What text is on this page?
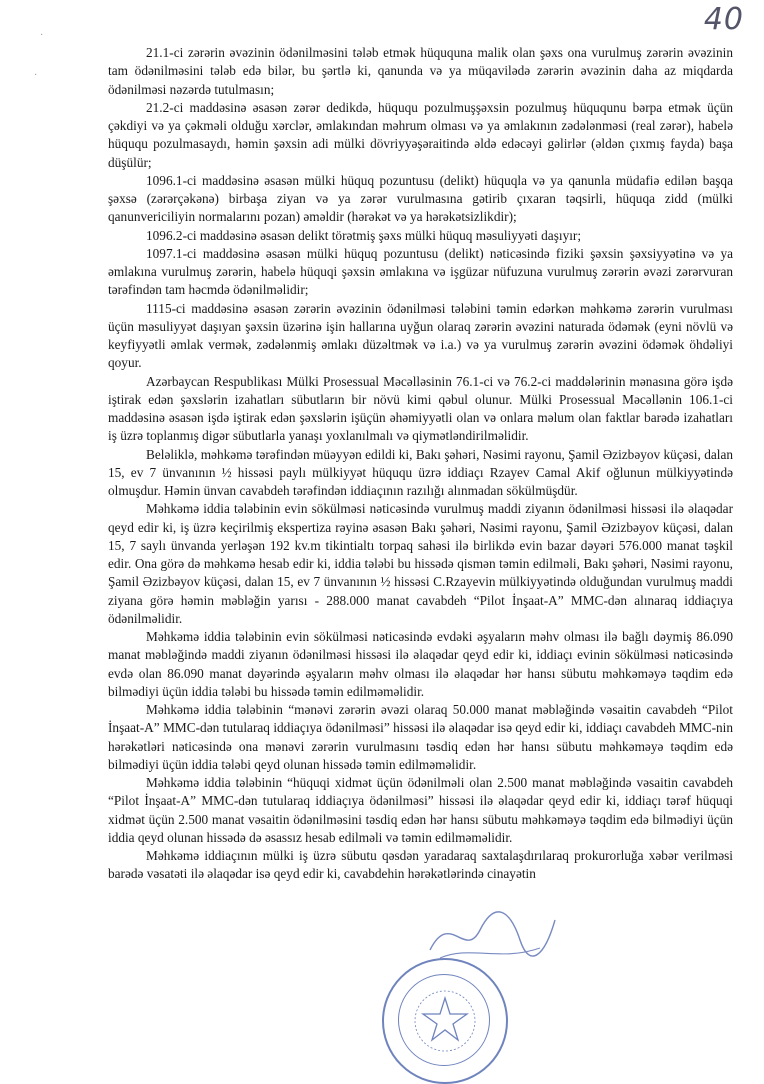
40
·
·

21.1-ci zərərin əvəzinin ödənilməsini tələb etmək hüququna malik olan şəxs ona vurulmuş zərərin əvəzinin tam ödənilməsini tələb edə bilər, bu şərtlə ki, qanunda və ya müqavilədə zərərin əvəzinin daha az miqdarda ödənilməsi nəzərdə tutulmasın;

21.2-ci maddəsinə əsasən zərər dedikdə, hüququ pozulmuşşəxsin pozulmuş hüququnu bərpa etmək üçün çəkdiyi və ya çəkməli olduğu xərclər, əmlakından məhrum olması və ya əmlakının zədələnməsi (real zərər), habelə hüququ pozulmasaydı, həmin şəxsin adi mülki dövriyyəşəraitində əldə edəcəyi gəlirlər (əldən çıxmış fayda) başa düşülür;

1096.1-ci maddəsinə əsasən mülki hüquq pozuntusu (delikt) hüquqla və ya qanunla müdafiə edilən başqa şəxsə (zərərçəkənə) birbaşa ziyan və ya zərər vurulmasına gətirib çıxaran təqsirli, hüquqa zidd (mülki qanunvericiliyin normalarını pozan) əməldir (hərəkət və ya hərəkətsizlikdir);

1096.2-ci maddəsinə əsasən delikt törətmiş şəxs mülki hüquq məsuliyyəti daşıyır;

1097.1-ci maddəsinə əsasən mülki hüquq pozuntusu (delikt) nəticəsində fiziki şəxsin şəxsiyyətinə və ya əmlakına vurulmuş zərərin, habelə hüquqi şəxsin əmlakına və işgüzar nüfuzuna vurulmuş zərərin əvəzi zərərvuran tərəfindən tam həcmdə ödənilməlidir;

1115-ci maddəsinə əsasən zərərin əvəzinin ödənilməsi tələbini təmin edərkən məhkəmə zərərin vurulması üçün məsuliyyət daşıyan şəxsin üzərinə işin hallarına uyğun olaraq zərərin əvəzini naturada ödəmək (eyni növlü və keyfiyyətli əmlak vermək, zədələnmiş əmlakı düzəltmək və i.a.) və ya vurulmuş zərərin əvəzini ödəmək öhdəliyi qoyur.

Azərbaycan Respublikası Mülki Prosessual Məcəlləsinin 76.1-ci və 76.2-ci maddələrinin mənasına görə işdə iştirak edən şəxslərin izahatları sübutların bir növü kimi qəbul olunur. Mülki Prosessual Məcəllənin 106.1-ci maddəsinə əsasən işdə iştirak edən şəxslərin işüçün əhəmiyyətli olan və onlara məlum olan faktlar barədə izahatları iş üzrə toplanmış digər sübutlarla yanaşı yoxlanılmalı və qiymətləndirilməlidir.

Beləliklə, məhkəmə tərəfindən müəyyən edildi ki, Bakı şəhəri, Nəsimi rayonu, Şamil Əzizbəyov küçəsi, dalan 15, ev 7 ünvanının ½ hissəsi paylı mülkiyyət hüququ üzrə iddiaçı Rzayev Camal Akif oğlunun mülkiyyətində olmuşdur. Həmin ünvan cavabdeh tərəfindən iddiaçının razılığı alınmadan sökülmüşdür.

Məhkəmə iddia tələbinin evin sökülməsi nəticəsində vurulmuş maddi ziyanın ödənilməsi hissəsi ilə əlaqədar qeyd edir ki, iş üzrə keçirilmiş ekspertiza rəyinə əsasən Bakı şəhəri, Nəsimi rayonu, Şamil Əzizbəyov küçəsi, dalan 15, 7 saylı ünvanda yerləşən 192 kv.m tikintialtı torpaq sahəsi ilə birlikdə evin bazar dəyəri 576.000 manat təşkil edir. Ona görə də məhkəmə hesab edir ki, iddia tələbi bu hissədə qismən təmin edilməli, Bakı şəhəri, Nəsimi rayonu, Şamil Əzizbəyov küçəsi, dalan 15, ev 7 ünvanının ½ hissəsi C.Rzayevin mülkiyyətində olduğundan vurulmuş maddi ziyana görə həmin məbləğin yarısı - 288.000 manat cavabdeh “Pilot İnşaat-A” MMC-dən alınaraq iddiaçıya ödənilməlidir.

Məhkəmə iddia tələbinin evin sökülməsi nəticəsində evdəki əşyaların məhv olması ilə bağlı dəymiş 86.090 manat məbləğində maddi ziyanın ödənilməsi hissəsi ilə əlaqədar qeyd edir ki, iddiaçı evinin sökülməsi nəticəsində evdə olan 86.090 manat dəyərində əşyaların məhv olması ilə əlaqədar hər hansı sübutu məhkəməyə təqdim edə bilmədiyi üçün iddia tələbi bu hissədə təmin edilməməlidir.

Məhkəmə iddia tələbinin “mənəvi zərərin əvəzi olaraq 50.000 manat məbləğində vəsaitin cavabdeh “Pilot İnşaat-A” MMC-dən tutularaq iddiaçıya ödənilməsi” hissəsi ilə əlaqədar isə qeyd edir ki, iddiaçı cavabdeh MMC-nin hərəkətləri nəticəsində ona mənəvi zərərin vurulmasını təsdiq edən hər hansı sübutu məhkəməyə təqdim edə bilmədiyi üçün iddia tələbi qeyd olunan hissədə təmin edilməməlidir.

Məhkəmə iddia tələbinin “hüquqi xidmət üçün ödənilməli olan 2.500 manat məbləğində vəsaitin cavabdeh “Pilot İnşaat-A” MMC-dən tutularaq iddiaçıya ödənilməsi” hissəsi ilə əlaqədar qeyd edir ki, iddiaçı tərəf hüquqi xidmət üçün 2.500 manat vəsaitin ödənilməsini təsdiq edən hər hansı sübutu məhkəməyə təqdim edə bilmədiyi üçün iddia qeyd olunan hissədə də əsassız hesab edilməli və təmin edilməməlidir.

Məhkəmə iddiaçının mülki iş üzrə sübutu qəsdən yaradaraq saxtalaşdırılaraq prokurorluğa xəbər verilməsi barədə vəsatəti ilə əlaqədar isə qeyd edir ki, cavabdehin hərəkətlərində cinayətin
